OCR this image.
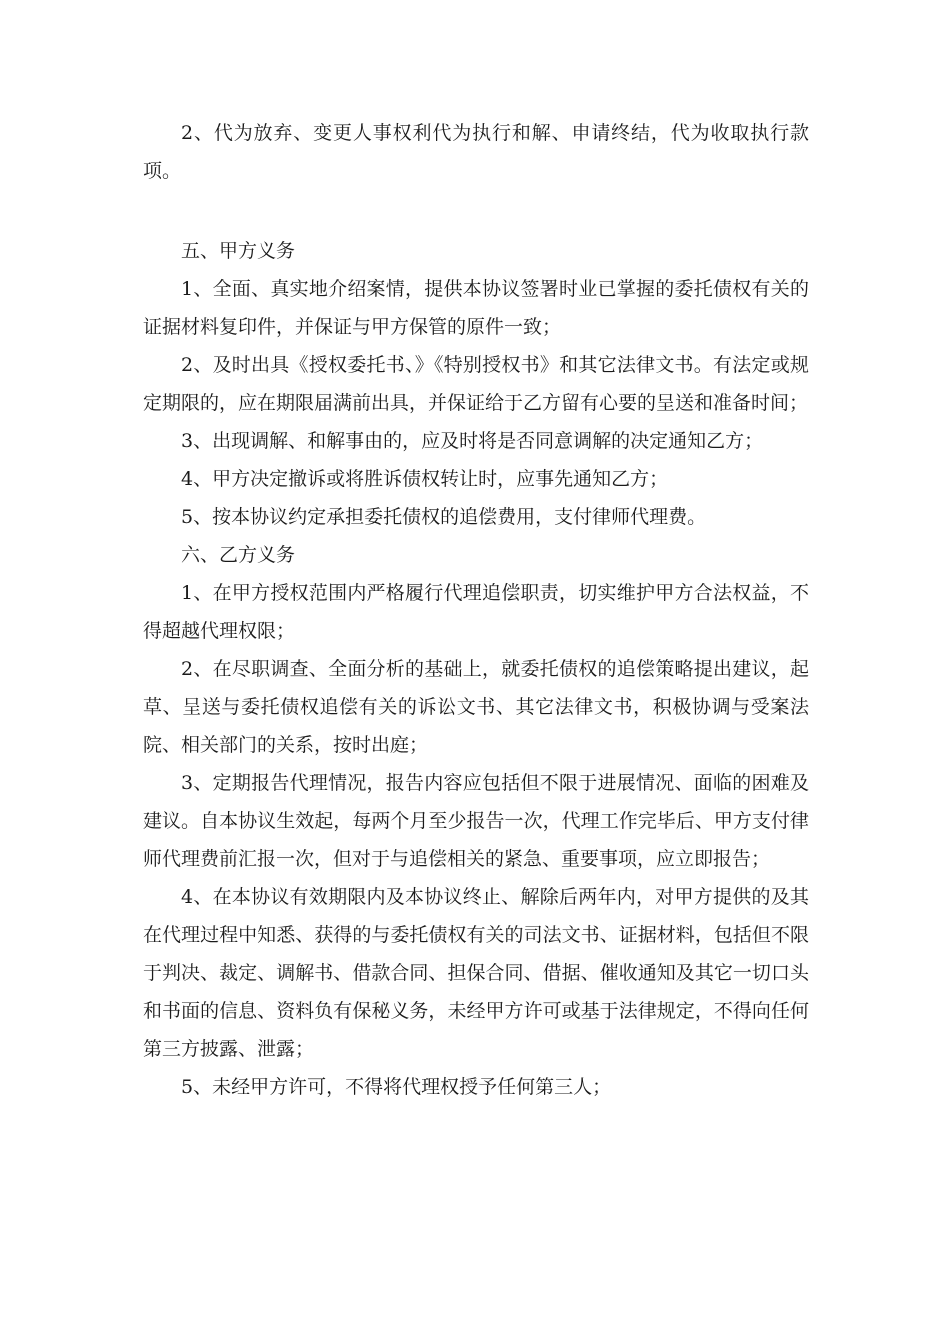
2、代为放弃、变更人事权利代为执行和解、申请终结，代为收取执行款项。

五、甲方义务

1、全面、真实地介绍案情，提供本协议签署时业已掌握的委托债权有关的证据材料复印件，并保证与甲方保管的原件一致；

2、及时出具《授权委托书、》《特别授权书》和其它法律文书。有法定或规定期限的，应在期限届满前出具，并保证给于乙方留有心要的呈送和准备时间；

3、出现调解、和解事由的，应及时将是否同意调解的决定通知乙方；

4、甲方决定撤诉或将胜诉债权转让时，应事先通知乙方；

5、按本协议约定承担委托债权的追偿费用，支付律师代理费。

六、乙方义务

1、在甲方授权范围内严格履行代理追偿职责，切实维护甲方合法权益，不得超越代理权限；

2、在尽职调查、全面分析的基础上，就委托债权的追偿策略提出建议，起草、呈送与委托债权追偿有关的诉讼文书、其它法律文书，积极协调与受案法院、相关部门的关系，按时出庭；

3、定期报告代理情况，报告内容应包括但不限于进展情况、面临的困难及建议。自本协议生效起，每两个月至少报告一次，代理工作完毕后、甲方支付律师代理费前汇报一次，但对于与追偿相关的紧急、重要事项，应立即报告；

4、在本协议有效期限内及本协议终止、解除后两年内，对甲方提供的及其在代理过程中知悉、获得的与委托债权有关的司法文书、证据材料，包括但不限于判决、裁定、调解书、借款合同、担保合同、借据、催收通知及其它一切口头和书面的信息、资料负有保秘义务，未经甲方许可或基于法律规定，不得向任何第三方披露、泄露；

5、未经甲方许可，不得将代理权授予任何第三人；
